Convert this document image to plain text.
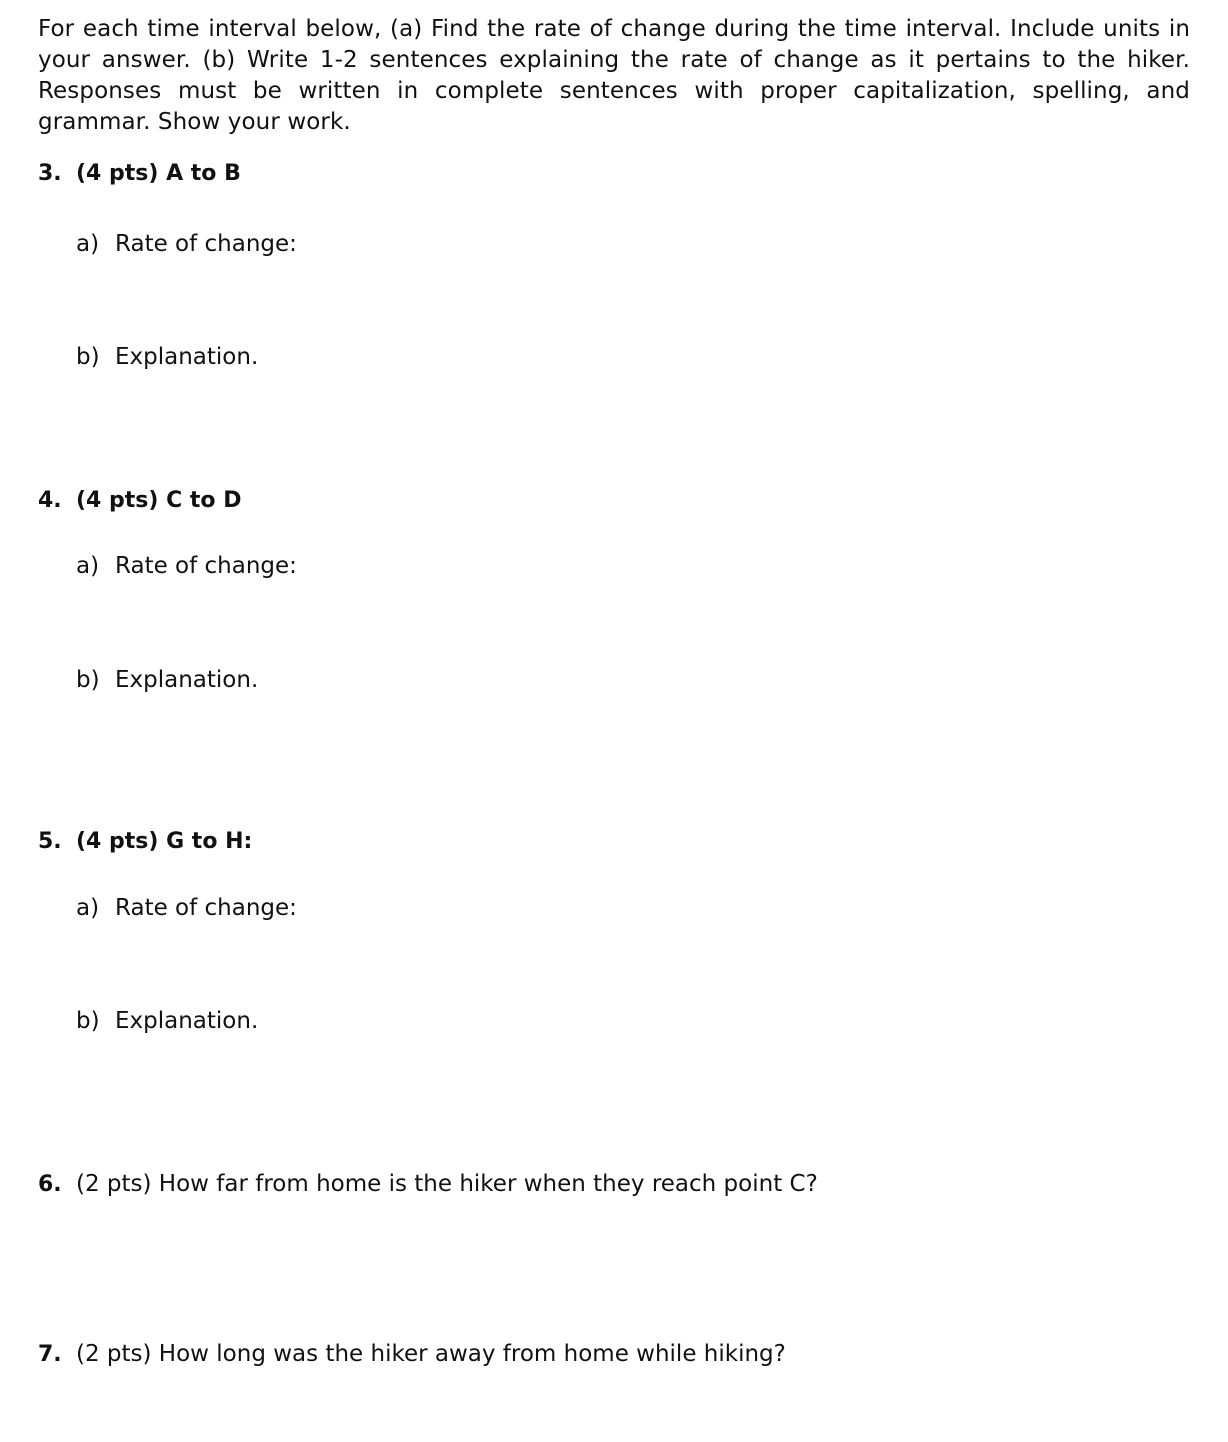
For each time interval below, (a) Find the rate of change during the time interval. Include units in your answer. (b) Write 1-2 sentences explaining the rate of change as it pertains to the hiker. Responses must be written in complete sentences with proper capitalization, spelling, and grammar. Show your work.

3. (4 pts) A to B
a) Rate of change:
b) Explanation.
4. (4 pts) C to D
a) Rate of change:
b) Explanation.
5. (4 pts) G to H:
a) Rate of change:
b) Explanation.
6. (2 pts) How far from home is the hiker when they reach point C?
7. (2 pts) How long was the hiker away from home while hiking?
